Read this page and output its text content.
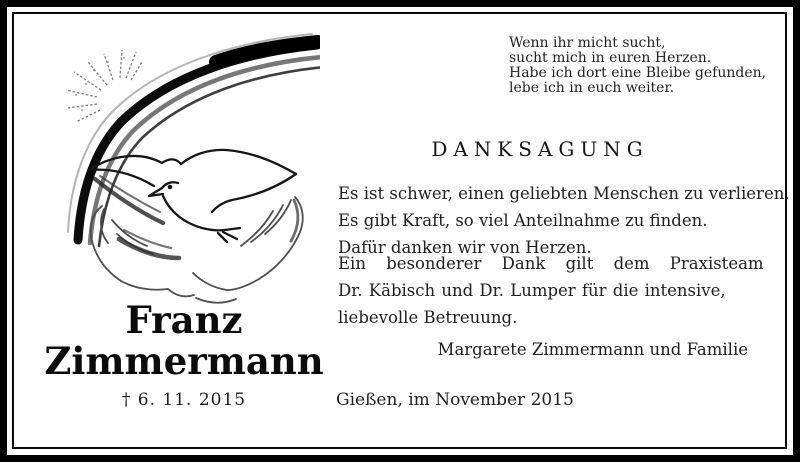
Franz
Zimmermann
† 6. 11. 2015
Wenn ihr micht sucht,
sucht mich in euren Herzen.
Habe ich dort eine Bleibe gefunden,
lebe ich in euch weiter.
DANKSAGUNG
Es ist schwer, einen geliebten Menschen zu verlieren.
Es gibt Kraft, so viel Anteilnahme zu finden.
Dafür danken wir von Herzen.
Ein besonderer Dank gilt dem Praxisteam
Dr. Käbisch und Dr. Lumper für die intensive,
liebevolle Betreuung.
Margarete Zimmermann und Familie
Gießen, im November 2015
